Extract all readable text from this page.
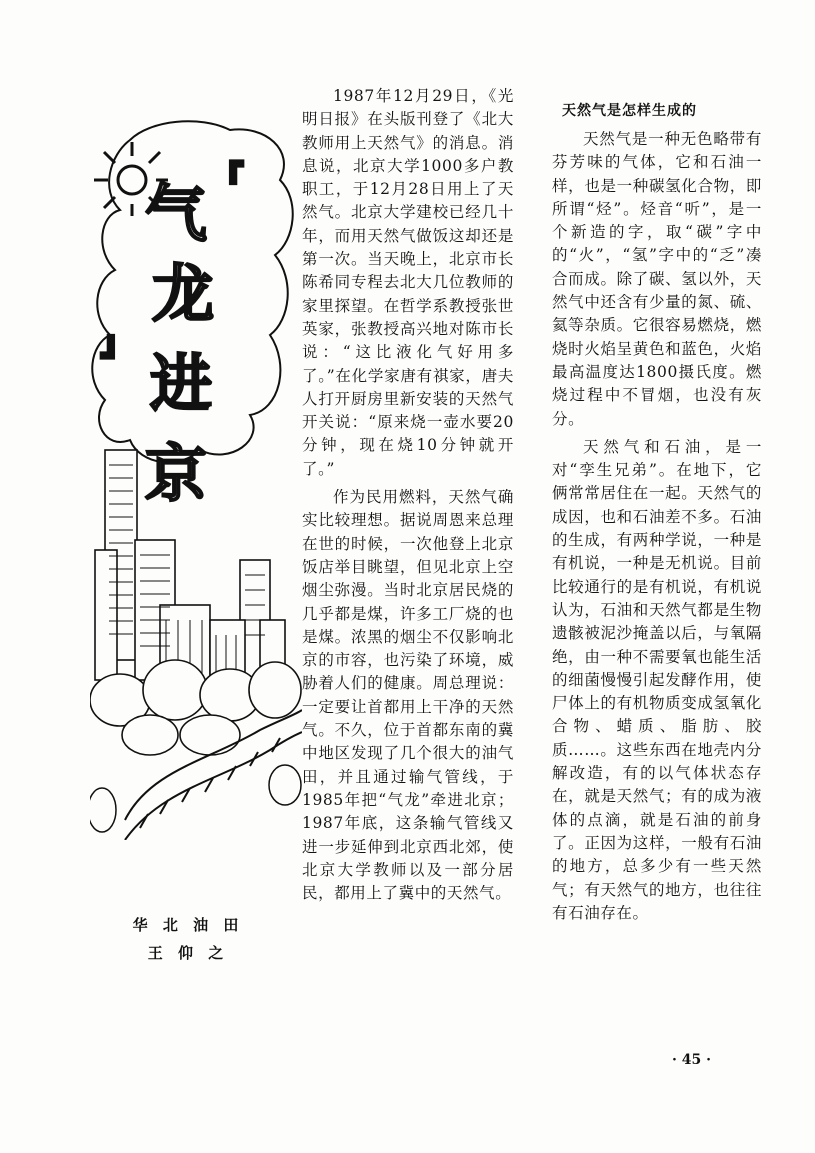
『
气
龙
』
进
京
华 北 油 田
王 仰 之

1987年12月29日，《光明日报》在头版刊登了《北大教师用上天然气》的消息。消息说，北京大学1000多户教职工，于12月28日用上了天然气。北京大学建校已经几十年，而用天然气做饭这却还是第一次。当天晚上，北京市长陈希同专程去北大几位教师的家里探望。在哲学系教授张世英家，张教授高兴地对陈市长说：“这比液化气好用多了。”在化学家唐有祺家，唐夫人打开厨房里新安装的天然气开关说：“原来烧一壶水要20分钟，现在烧10分钟就开了。”

作为民用燃料，天然气确实比较理想。据说周恩来总理在世的时候，一次他登上北京饭店举目眺望，但见北京上空烟尘弥漫。当时北京居民烧的几乎都是煤，许多工厂烧的也是煤。浓黑的烟尘不仅影响北京的市容，也污染了环境，威胁着人们的健康。周总理说：一定要让首都用上干净的天然气。不久，位于首都东南的冀中地区发现了几个很大的油气田，并且通过输气管线，于1985年把“气龙”牵进北京；1987年底，这条输气管线又进一步延伸到北京西北郊，使北京大学教师以及一部分居民，都用上了冀中的天然气。

天然气是怎样生成的

天然气是一种无色略带有芬芳味的气体，它和石油一样，也是一种碳氢化合物，即所谓“烃”。烃音“听”，是一个新造的字，取“碳”字中的“火”，“氢”字中的“乏”凑合而成。除了碳、氢以外，天然气中还含有少量的氮、硫、氦等杂质。它很容易燃烧，燃烧时火焰呈黄色和蓝色，火焰最高温度达1800摄氏度。燃烧过程中不冒烟，也没有灰分。

天然气和石油，是一对“孪生兄弟”。在地下，它俩常常居住在一起。天然气的成因，也和石油差不多。石油的生成，有两种学说，一种是有机说，一种是无机说。目前比较通行的是有机说，有机说认为，石油和天然气都是生物遗骸被泥沙掩盖以后，与氧隔绝，由一种不需要氧也能生活的细菌慢慢引起发酵作用，使尸体上的有机物质变成氢氧化合物、蜡质、脂肪、胶质……。这些东西在地壳内分解改造，有的以气体状态存在，就是天然气；有的成为液体的点滴，就是石油的前身了。正因为这样，一般有石油的地方，总多少有一些天然气；有天然气的地方，也往往有石油存在。

· 45 ·
